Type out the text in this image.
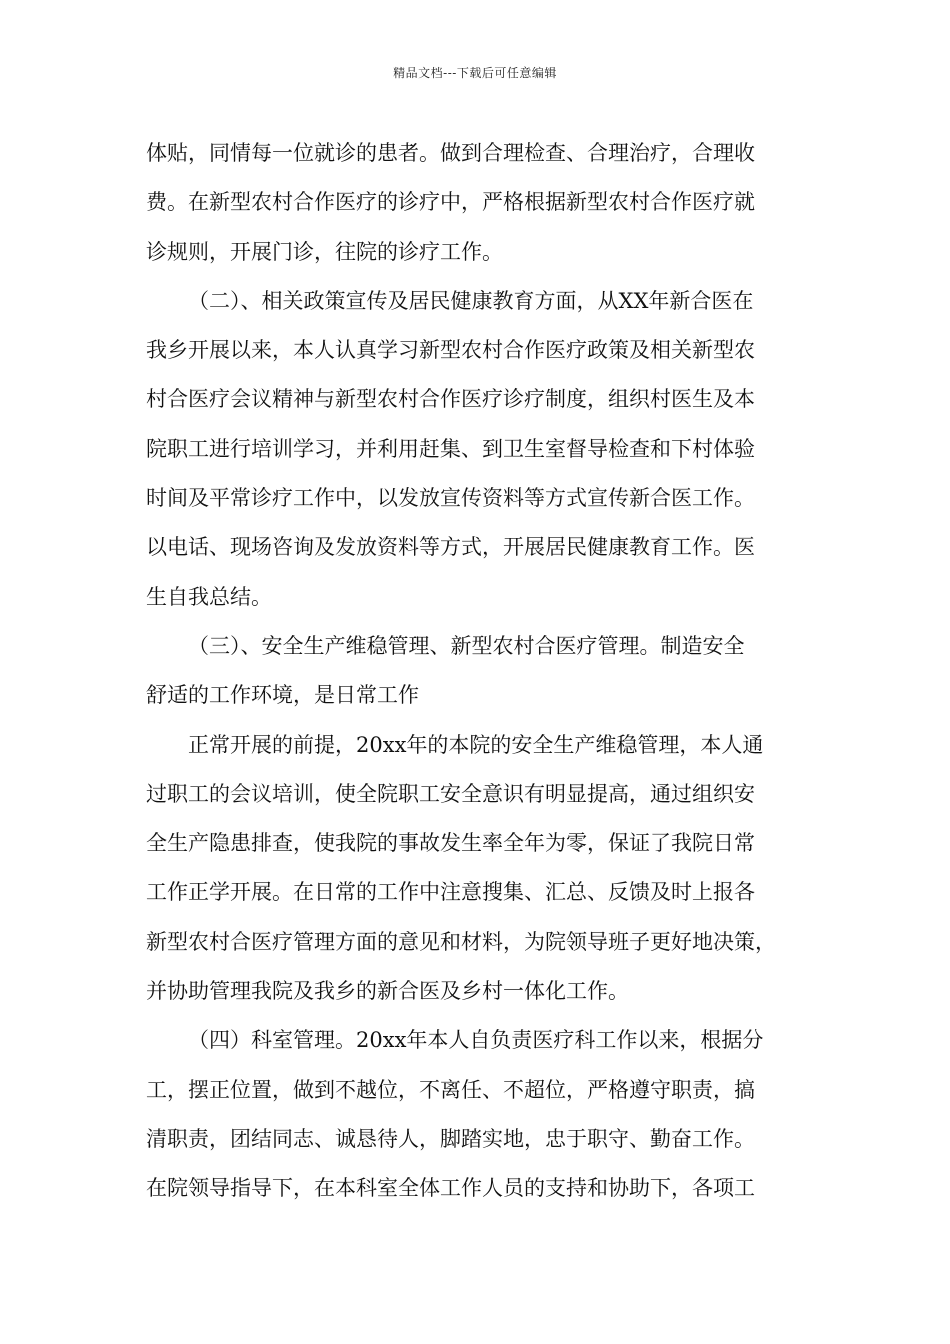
精品文档---下载后可任意编辑
体贴，同情每一位就诊的患者。做到合理检查、合理治疗，合理收
费。在新型农村合作医疗的诊疗中，严格根据新型农村合作医疗就
诊规则，开展门诊，往院的诊疗工作。
（二）、相关政策宣传及居民健康教育方面，从XX年新合医在
我乡开展以来，本人认真学习新型农村合作医疗政策及相关新型农
村合医疗会议精神与新型农村合作医疗诊疗制度，组织村医生及本
院职工进行培训学习，并利用赶集、到卫生室督导检查和下村体验
时间及平常诊疗工作中，以发放宣传资料等方式宣传新合医工作。
以电话、现场咨询及发放资料等方式，开展居民健康教育工作。医
生自我总结。
（三）、安全生产维稳管理、新型农村合医疗管理。制造安全
舒适的工作环境，是日常工作
正常开展的前提，20xx年的本院的安全生产维稳管理，本人通
过职工的会议培训，使全院职工安全意识有明显提高，通过组织安
全生产隐患排查，使我院的事故发生率全年为零，保证了我院日常
工作正学开展。在日常的工作中注意搜集、汇总、反馈及时上报各
新型农村合医疗管理方面的意见和材料，为院领导班子更好地决策，
并协助管理我院及我乡的新合医及乡村一体化工作。
（四）科室管理。20xx年本人自负责医疗科工作以来，根据分
工，摆正位置，做到不越位，不离任、不超位，严格遵守职责，搞
清职责，团结同志、诚恳待人，脚踏实地，忠于职守、勤奋工作。
在院领导指导下，在本科室全体工作人员的支持和协助下，各项工
